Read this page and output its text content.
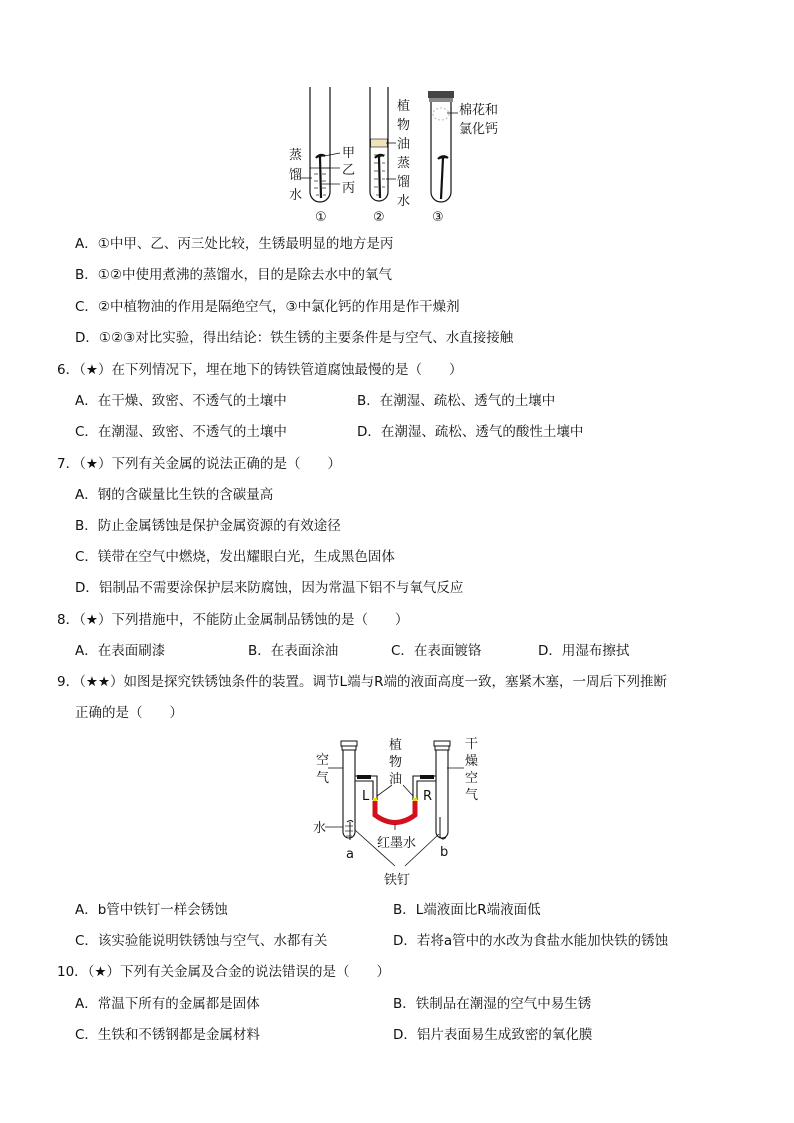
蒸
馏
水
甲
乙
丙
植
物
油
蒸
馏
水
棉花和
氯化钙
①	②	③
A．①中甲、乙、丙三处比较，生锈最明显的地方是丙
B．①②中使用煮沸的蒸馏水，目的是除去水中的氧气
C．②中植物油的作用是隔绝空气，③中氯化钙的作用是作干燥剂
D．①②③对比实验，得出结论：铁生锈的主要条件是与空气、水直接接触
6．（★）在下列情况下，埋在地下的铸铁管道腐蚀最慢的是（　　）
A．在干燥、致密、不透气的土壤中	B．在潮湿、疏松、透气的土壤中
C．在潮湿、致密、不透气的土壤中	D．在潮湿、疏松、透气的酸性土壤中
7．（★）下列有关金属的说法正确的是（　　）
A．钢的含碳量比生铁的含碳量高
B．防止金属锈蚀是保护金属资源的有效途径
C．镁带在空气中燃烧，发出耀眼白光，生成黑色固体
D．铝制品不需要涂保护层来防腐蚀，因为常温下铝不与氧气反应
8．（★）下列措施中，不能防止金属制品锈蚀的是（　　）
A．在表面刷漆	B．在表面涂油	C．在表面镀铬	D．用湿布擦拭
9．（★★）如图是探究铁锈蚀条件的装置。调节L端与R端的液面高度一致，塞紧木塞，一周后下列推断
正确的是（　　）
空
气
植
物
油
干
燥
空
气
L	R
水
红墨水
a	b
铁钉
A．b管中铁钉一样会锈蚀	B．L端液面比R端液面低
C．该实验能说明铁锈蚀与空气、水都有关	D．若将a管中的水改为食盐水能加快铁的锈蚀
10．（★）下列有关金属及合金的说法错误的是（　　）
A．常温下所有的金属都是固体	B．铁制品在潮湿的空气中易生锈
C．生铁和不锈钢都是金属材料	D．铝片表面易生成致密的氧化膜
